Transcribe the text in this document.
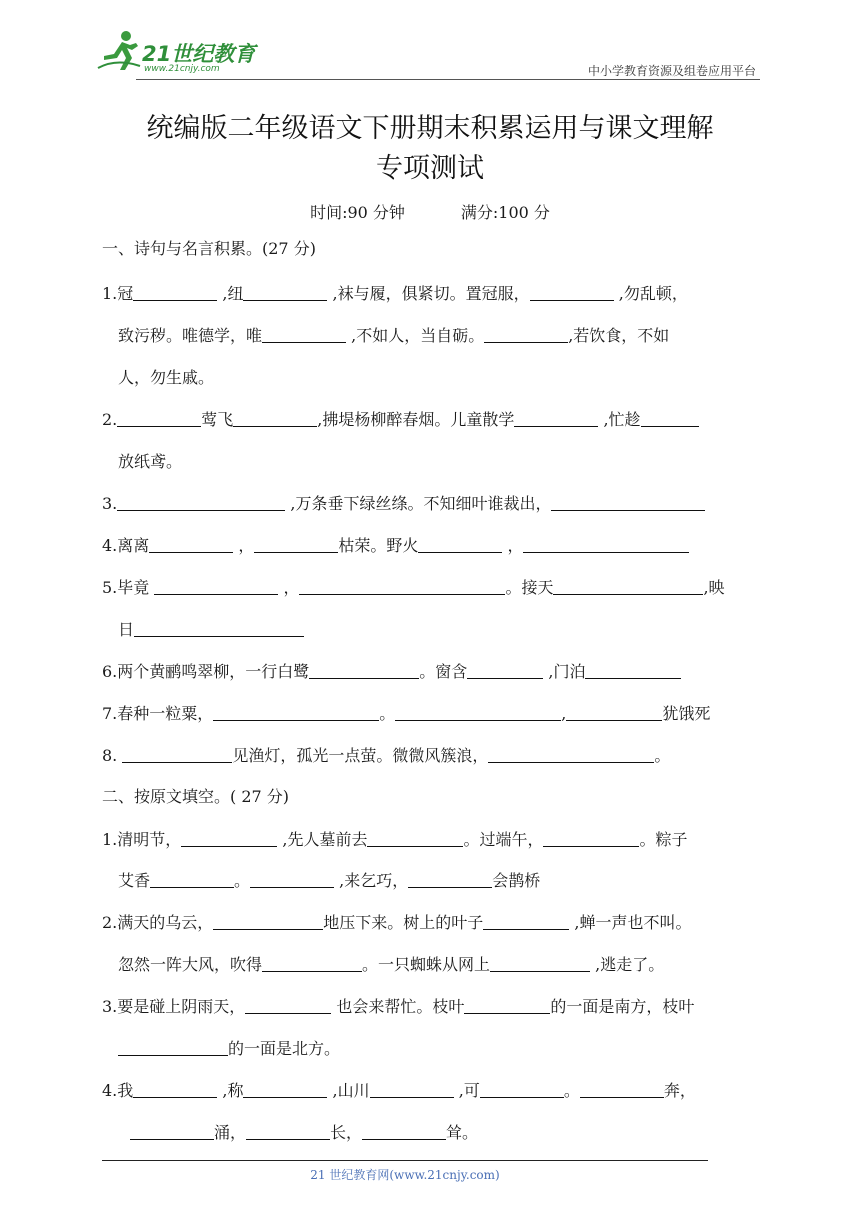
21世纪教育
www.21cnjy.com	中小学教育资源及组卷应用平台
统编版二年级语文下册期末积累运用与课文理解
专项测试
时间:90 分钟	满分:100 分
一、诗句与名言积累。(27 分)
1.冠	,纽	,袜与履，俱紧切。置冠服，	,勿乱顿，
致污秽。唯德学，唯	,不如人，当自砺。	,若饮食，不如
人，勿生戚。
2.	莺飞	,拂堤杨柳醉春烟。儿童散学	,忙趁
放纸鸢。
3.	,万条垂下绿丝绦。不知细叶谁裁出，
4.离离	，	枯荣。野火	，
5.毕竟	，	。接天	,映
日
6.两个黄鹂鸣翠柳，一行白鹭	。窗含	,门泊
7.春种一粒粟，	。	,	犹饿死
8.	见渔灯，孤光一点萤。微微风簇浪，	。
二、按原文填空。( 27 分)
1.清明节，	,先人墓前去	。过端午，	。粽子
艾香	。	,来乞巧，	会鹊桥
2.满天的乌云，	地压下来。树上的叶子	,蝉一声也不叫。
忽然一阵大风，吹得	。一只蜘蛛从网上	,逃走了。
3.要是碰上阴雨天，	也会来帮忙。枝叶	的一面是南方，枝叶
的一面是北方。
4.我	,称	,山川	,可	。	奔，
涌，	长，	耸。
21 世纪教育网(www.21cnjy.com)
